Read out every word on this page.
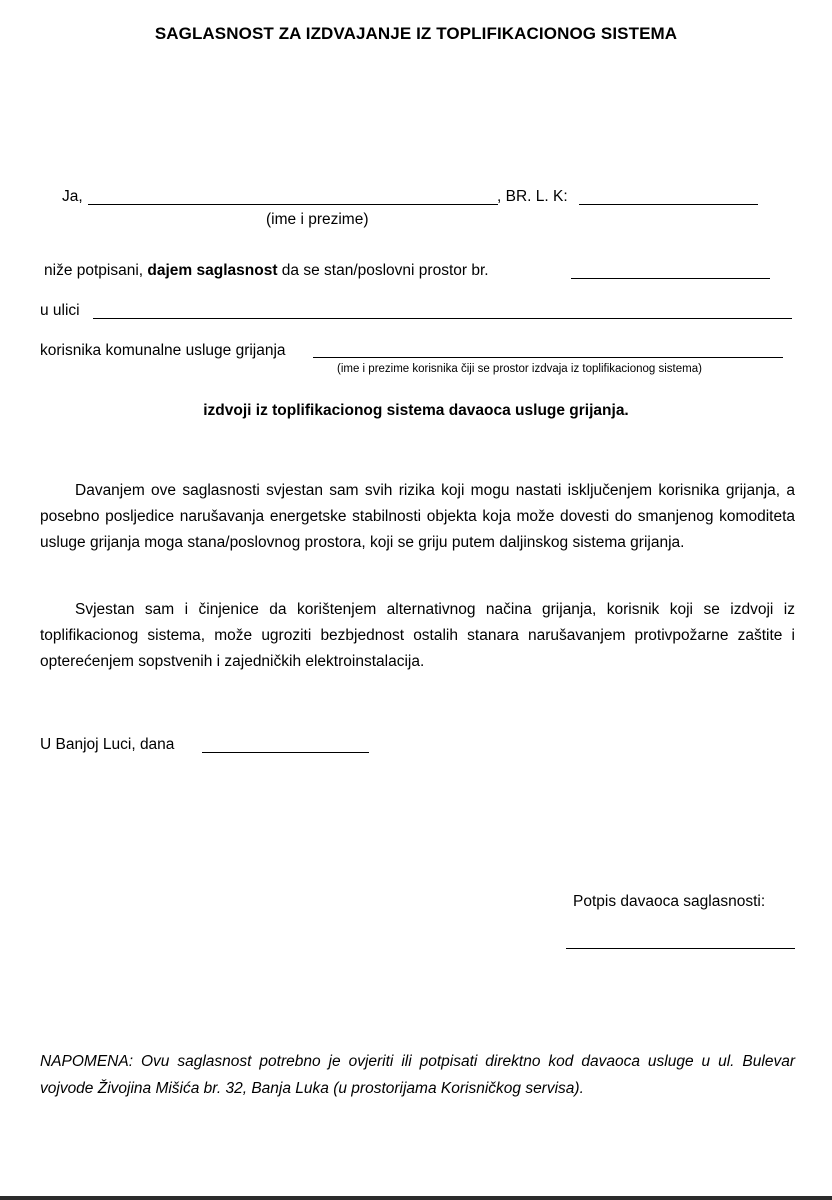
SAGLASNOST ZA IZDVAJANJE IZ TOPLIFIKACIONOG SISTEMA
Ja,	, BR. L. K:
(ime i prezime)
niže potpisani, dajem saglasnost da se stan/poslovni prostor br.
u ulici
korisnika komunalne usluge grijanja
(ime i prezime korisnika čiji se prostor izdvaja iz toplifikacionog sistema)
izdvoji iz toplifikacionog sistema davaoca usluge grijanja.
Davanjem ove saglasnosti svjestan sam svih rizika koji mogu nastati isključenjem korisnika grijanja, a posebno posljedice narušavanja energetske stabilnosti objekta koja može dovesti do smanjenog komoditeta usluge grijanja moga stana/poslovnog prostora, koji se griju putem daljinskog sistema grijanja.
Svjestan sam i činjenice da korištenjem alternativnog načina grijanja, korisnik koji se izdvoji iz toplifikacionog sistema, može ugroziti bezbjednost ostalih stanara narušavanjem protivpožarne zaštite i opterećenjem sopstvenih i zajedničkih elektroinstalacija.
U Banjoj Luci, dana
Potpis davaoca saglasnosti:
NAPOMENA: Ovu saglasnost potrebno je ovjeriti ili potpisati direktno kod davaoca usluge u ul. Bulevar vojvode Živojina Mišića br. 32, Banja Luka (u prostorijama Korisničkog servisa).
